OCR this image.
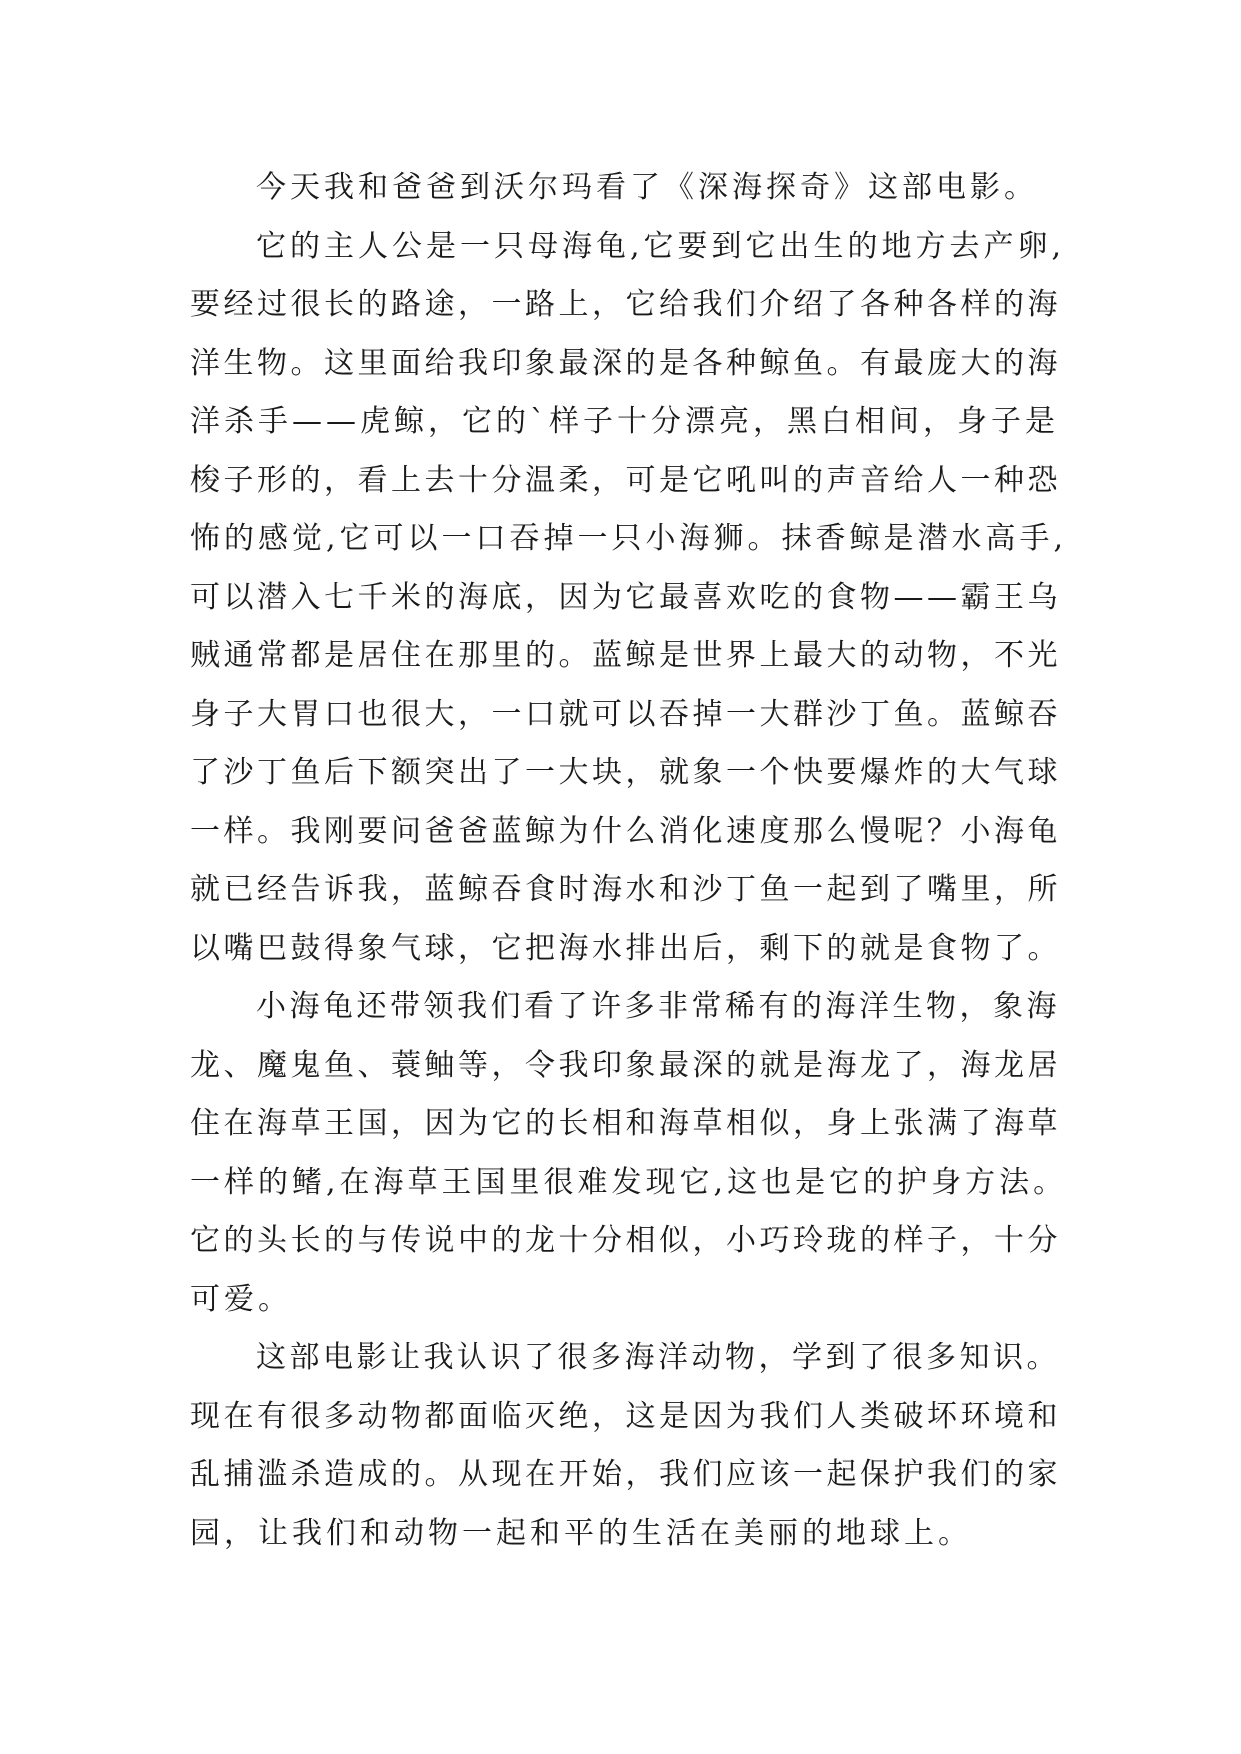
今天我和爸爸到沃尔玛看了《深海探奇》这部电影。
它的主人公是一只母海龟,它要到它出生的地方去产卵,
要经过很长的路途，一路上，它给我们介绍了各种各样的海
洋生物。这里面给我印象最深的是各种鲸鱼。有最庞大的海
洋杀手——虎鲸，它的`样子十分漂亮，黑白相间，身子是
梭子形的，看上去十分温柔，可是它吼叫的声音给人一种恐
怖的感觉,它可以一口吞掉一只小海狮。抹香鲸是潜水高手,
可以潜入七千米的海底，因为它最喜欢吃的食物——霸王乌
贼通常都是居住在那里的。蓝鲸是世界上最大的动物，不光
身子大胃口也很大，一口就可以吞掉一大群沙丁鱼。蓝鲸吞
了沙丁鱼后下额突出了一大块，就象一个快要爆炸的大气球
一样。我刚要问爸爸蓝鲸为什么消化速度那么慢呢？小海龟
就已经告诉我，蓝鲸吞食时海水和沙丁鱼一起到了嘴里，所
以嘴巴鼓得象气球，它把海水排出后，剩下的就是食物了。
小海龟还带领我们看了许多非常稀有的海洋生物，象海
龙、魔鬼鱼、蓑鲉等，令我印象最深的就是海龙了，海龙居
住在海草王国，因为它的长相和海草相似，身上张满了海草
一样的鳍,在海草王国里很难发现它,这也是它的护身方法。
它的头长的与传说中的龙十分相似，小巧玲珑的样子，十分
可爱。
这部电影让我认识了很多海洋动物，学到了很多知识。
现在有很多动物都面临灭绝，这是因为我们人类破坏环境和
乱捕滥杀造成的。从现在开始，我们应该一起保护我们的家
园，让我们和动物一起和平的生活在美丽的地球上。
